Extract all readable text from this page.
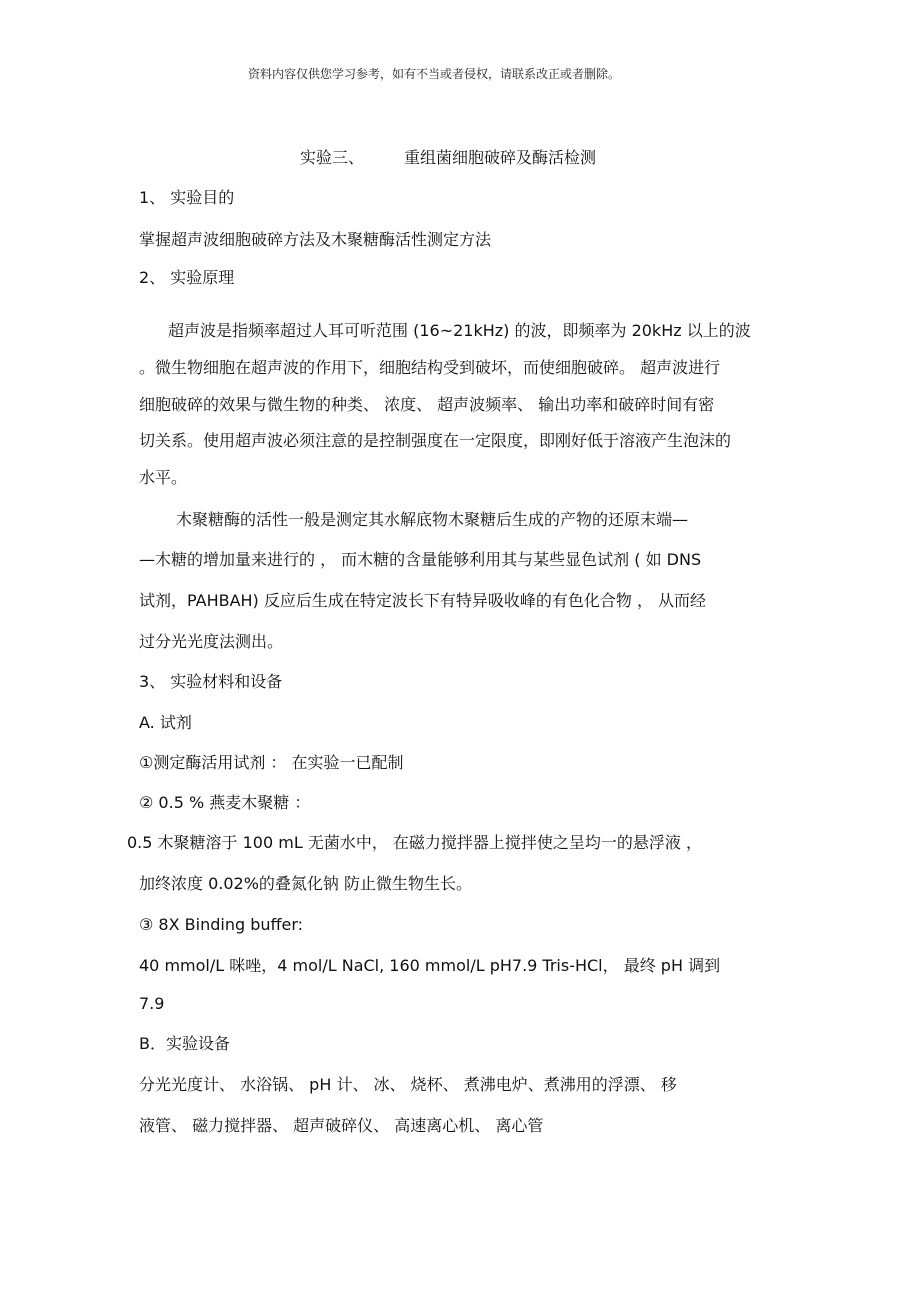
资料内容仅供您学习参考，如有不当或者侵权，请联系改正或者删除。
实验三、	重组菌细胞破碎及酶活检测
1、 实验目的
掌握超声波细胞破碎方法及木聚糖酶活性测定方法
2、 实验原理
超声波是指频率超过人耳可听范围 (16~21kHz) 的波，即频率为 20kHz 以上的波
。微生物细胞在超声波的作用下，细胞结构受到破坏，而使细胞破碎。 超声波进行
细胞破碎的效果与微生物的种类、 浓度、 超声波频率、 输出功率和破碎时间有密
切关系。使用超声波必须注意的是控制强度在一定限度，即刚好低于溶液产生泡沫的
水平。
木聚糖酶的活性一般是测定其水解底物木聚糖后生成的产物的还原末端—
—木糖的增加量来进行的 ， 而木糖的含量能够利用其与某些显色试剂 ( 如 DNS
试剂，PAHBAH) 反应后生成在特定波长下有特异吸收峰的有色化合物 ， 从而经
过分光光度法测出。
3、 实验材料和设备
A. 试剂
①测定酶活用试剂 ： 在实验一已配制
② 0.5 % 燕麦木聚糖 ：
0.5 木聚糖溶于 100 mL 无菌水中， 在磁力搅拌器上搅拌使之呈均一的悬浮液 ，
加终浓度 0.02%的叠氮化钠 防止微生物生长。
③ 8X Binding buffer:
40 mmol/L 咪唑，4 mol/L NaCl, 160 mmol/L pH7.9 Tris-HCl， 最终 pH 调到
7.9
B．实验设备
分光光度计、 水浴锅、 pH 计、 冰、 烧杯、 煮沸电炉、煮沸用的浮漂、 移
液管、 磁力搅拌器、 超声破碎仪、 高速离心机、 离心管
